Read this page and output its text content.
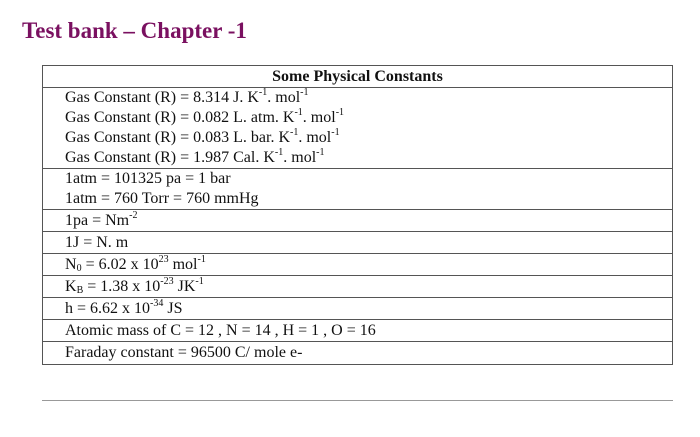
Test bank – Chapter -1
Some Physical Constants
Gas Constant (R) = 8.314 J. $K^{-1}$. mol$^{-1}$
Gas Constant (R) = 0.082 L. atm. $K^{-1}$. mol$^{-1}$
Gas Constant (R) = 0.083 L. bar. $K^{-1}$. mol$^{-1}$
Gas Constant (R) = 1.987 Cal. $K^{-1}$. mol$^{-1}$
1atm = 101325 pa = 1 bar
1atm = 760 Torr = 760 mmHg
$1pa = Nm^{-2}$
1J = N. m
$N_0 = 6.02$ x $10^{23}$ mol$^{-1}$
$K_B = 1.38$ x $10^{-23}$ $JK^{-1}$
h = 6.62 x $10^{-34}$ JS
Atomic mass of C = 12 , N = 14 , H = 1 , O = 16
Faraday constant = 96500 C/ mole e-
